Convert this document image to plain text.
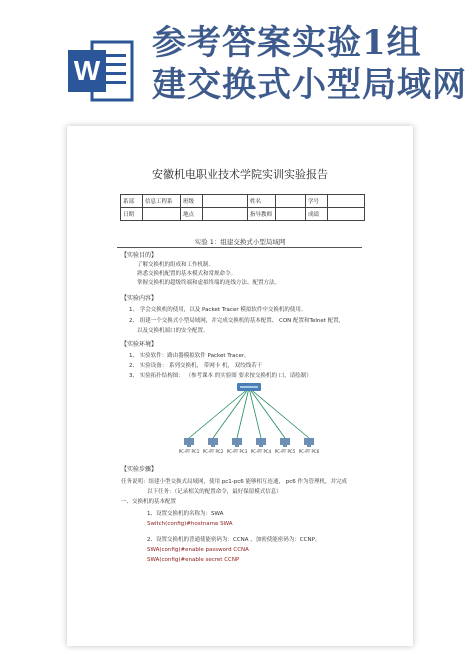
W
参考答案实验1组
建交换式小型局域网
安徽机电职业技术学院实训实验报告
系部	信息工程系	班级		姓名		学号	
日期		地点		指导教师		成绩	
实验 1：组建交换式小型局域网
【实验目的】
了解交换机的组成和工作机制。
熟悉交换机配置的基本模式和常规命令。
掌握交换机的超级终端和虚拟终端的连线方法、配置方法。
【实验内容】
1、 学会交换机的使用，以及 Packet Tracer 模拟软件中交换机的使用。
2、 组建一个交换式小型局域网，并完成交换机的基本配置、 CON 配置和Telnet 配置，
以及交换机端口的安全配置。
【实验环境】
1、 实验软件：路由器模拟软件 Packet Tracer。
2、 实验设备： 系列交换机， 带网卡 机， 双绞线若干
3、 实验拓扑结构图： （参考课本 的实验图 要求按交换机的 口，请绘制）
PC-PT PC1 PC-PT PC2 PC-PT PC3 PC-PT PC4 PC-PT PC5 PC-PT PC6
【实验步骤】
任务说明：组建小型交换式局域网，使用 pc1-pc6 能够相互连通， pc6 作为管理机，并完成
以下任务：（记录相关的配置命令，最好保留模式信息）
一、交换机的基本配置
1、设置交换机的名称为：SWA
Switch(config)#hostname SWA
2、设置交换机的普通使能密码为：CCNA ，加密使能密码为：CCNP。
SWA(config)#enable password CCNA
SWA(config)#enable secret CCNP
